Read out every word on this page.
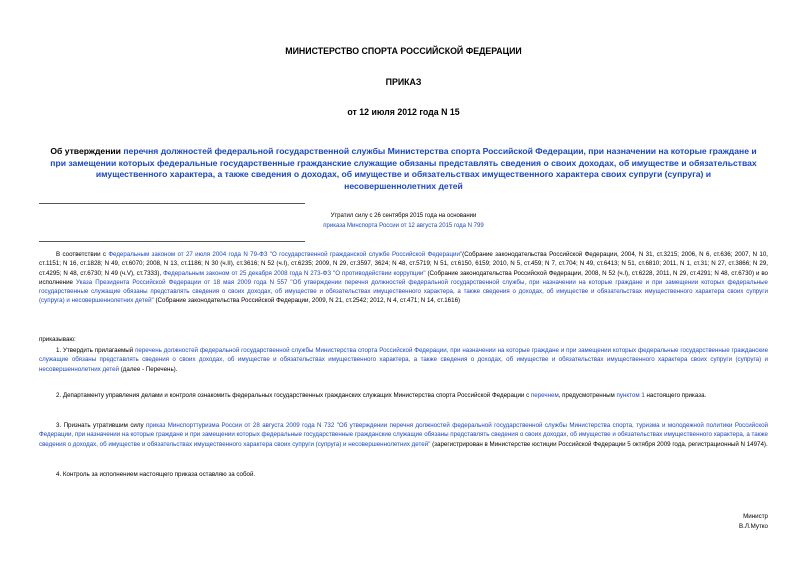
МИНИСТЕРСТВО СПОРТА РОССИЙСКОЙ ФЕДЕРАЦИИ
ПРИКАЗ
от 12 июля 2012 года N 15
Об утверждении перечня должностей федеральной государственной службы Министерства спорта Российской Федерации, при назначении на которые граждане и при замещении которых федеральные государственные гражданские служащие обязаны представлять сведения о своих доходах, об имуществе и обязательствах имущественного характера, а также сведения о доходах, об имуществе и обязательствах имущественного характера своих супруги (супруга) и несовершеннолетних детей
Утратил силу с 26 сентября 2015 года на основании
приказа Минспорта России от 12 августа 2015 года N 799
В соответствии с Федеральным законом от 27 июля 2004 года N 79-ФЗ "О государственной гражданской службе Российской Федерации"(Собрание законодательства Российской Федерации, 2004, N 31, ст.3215; 2006, N 6, ст.636; 2007, N 10, ст.1151; N 16, ст.1828; N 49, ст.6070; 2008, N 13, ст.1186; N 30 (ч.II), ст.3616; N 52 (ч.I), ст.6235; 2009, N 29, ст.3597, 3624; N 48, ст.5719; N 51, ст.6150, 6159; 2010, N 5, ст.459; N 7, ст.704; N 49, ст.6413; N 51, ст.6810; 2011, N 1, ст.31; N 27, ст.3866; N 29, ст.4295; N 48, ст.6730; N 49 (ч.V), ст.7333), Федеральным законом от 25 декабря 2008 года N 273-ФЗ "О противодействии коррупции" (Собрание законодательства Российской Федерации, 2008, N 52 (ч.I), ст.6228, 2011, N 29, ст.4291; N 48, ст.6730) и во исполнение Указа Президента Российской Федерации от 18 мая 2009 года N 557 "Об утверждении перечня должностей федеральной государственной службы, при назначении на которые граждане и при замещении которых федеральные государственные служащие обязаны представлять сведения о своих доходах, об имуществе и обязательствах имущественного характера, а также сведения о доходах, об имуществе и обязательствах имущественного характера своих супруги (супруга) и несовершеннолетних детей" (Собрание законодательства Российской Федерации, 2009, N 21, ст.2542; 2012, N 4, ст.471; N 14, ст.1616)
приказываю:
1. Утвердить прилагаемый перечень должностей федеральной государственной службы Министерства спорта Российской Федерации, при назначении на которые граждане и при замещении которых федеральные государственные гражданские служащие обязаны представлять сведения о своих доходах, об имуществе и обязательствах имущественного характера, а также сведения о доходах, об имуществе и обязательствах имущественного характера своих супруги (супруга) и несовершеннолетних детей (далее - Перечень).
2. Департаменту управления делами и контроля ознакомить федеральных государственных гражданских служащих Министерства спорта Российской Федерации с перечнем, предусмотренным пунктом 1 настоящего приказа.
3. Признать утратившим силу приказ Минспорттуризма России от 28 августа 2009 года N 732 "Об утверждении перечня должностей федеральной государственной службы Министерства спорта, туризма и молодежной политики Российской Федерации, при назначении на которые граждане и при замещении которых федеральные государственные гражданские служащие обязаны представлять сведения о своих доходах, об имуществе и обязательствах имущественного характера, а также сведения о доходах, об имуществе и обязательствах имущественного характера своих супруги (супруга) и несовершеннолетних детей" (зарегистрирован в Министерстве юстиции Российской Федерации 5 октября 2009 года, регистрационный N 14974).
4. Контроль за исполнением настоящего приказа оставляю за собой.
Министр
В.Л.Мутко
